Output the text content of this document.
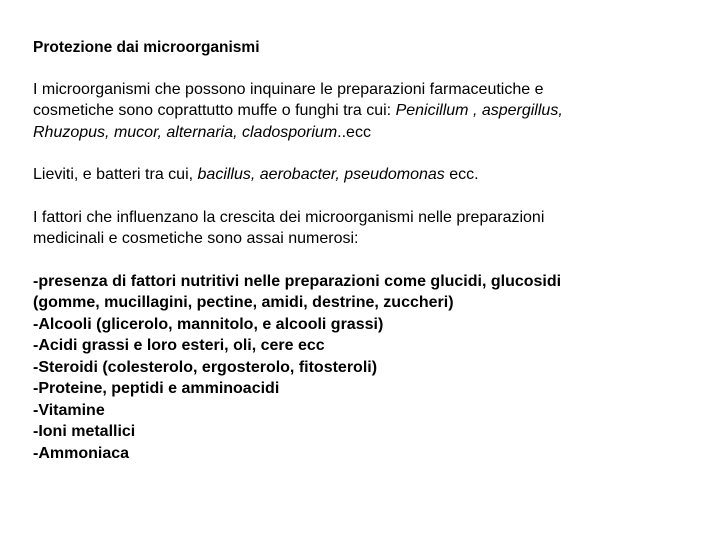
Protezione dai microorganismi
I microorganismi che possono inquinare le preparazioni farmaceutiche e
cosmetiche sono coprattutto muffe o funghi tra cui: Penicillum , aspergillus,
Rhuzopus, mucor, alternaria, cladosporium..ecc
Lieviti, e batteri tra cui, bacillus, aerobacter, pseudomonas ecc.
I fattori che influenzano la crescita dei microorganismi nelle preparazioni
medicinali e cosmetiche sono assai numerosi:
-presenza di fattori nutritivi nelle preparazioni come glucidi, glucosidi
(gomme, mucillagini, pectine, amidi, destrine, zuccheri)
-Alcooli (glicerolo, mannitolo, e alcooli grassi)
-Acidi grassi e loro esteri, oli, cere ecc
-Steroidi (colesterolo, ergosterolo, fitosteroli)
-Proteine, peptidi e amminoacidi
-Vitamine
-Ioni metallici
-Ammoniaca
